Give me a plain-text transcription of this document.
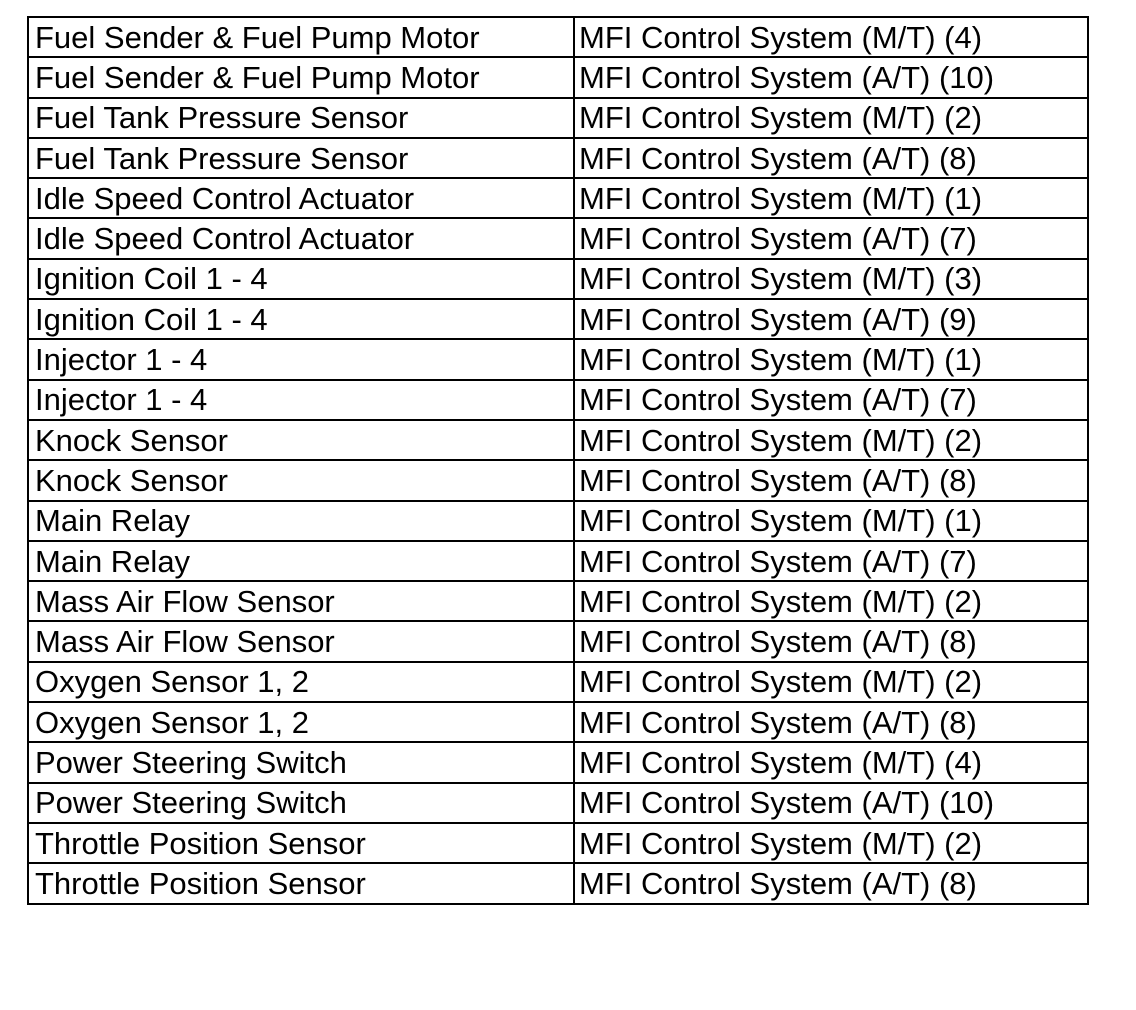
Fuel Sender & Fuel Pump Motor	MFI Control System (M/T) (4)
Fuel Sender & Fuel Pump Motor	MFI Control System (A/T) (10)
Fuel Tank Pressure Sensor	MFI Control System (M/T) (2)
Fuel Tank Pressure Sensor	MFI Control System (A/T) (8)
Idle Speed Control Actuator	MFI Control System (M/T) (1)
Idle Speed Control Actuator	MFI Control System (A/T) (7)
Ignition Coil 1 - 4	MFI Control System (M/T) (3)
Ignition Coil 1 - 4	MFI Control System (A/T) (9)
Injector 1 - 4	MFI Control System (M/T) (1)
Injector 1 - 4	MFI Control System (A/T) (7)
Knock Sensor	MFI Control System (M/T) (2)
Knock Sensor	MFI Control System (A/T) (8)
Main Relay	MFI Control System (M/T) (1)
Main Relay	MFI Control System (A/T) (7)
Mass Air Flow Sensor	MFI Control System (M/T) (2)
Mass Air Flow Sensor	MFI Control System (A/T) (8)
Oxygen Sensor 1, 2	MFI Control System (M/T) (2)
Oxygen Sensor 1, 2	MFI Control System (A/T) (8)
Power Steering Switch	MFI Control System (M/T) (4)
Power Steering Switch	MFI Control System (A/T) (10)
Throttle Position Sensor	MFI Control System (M/T) (2)
Throttle Position Sensor	MFI Control System (A/T) (8)
